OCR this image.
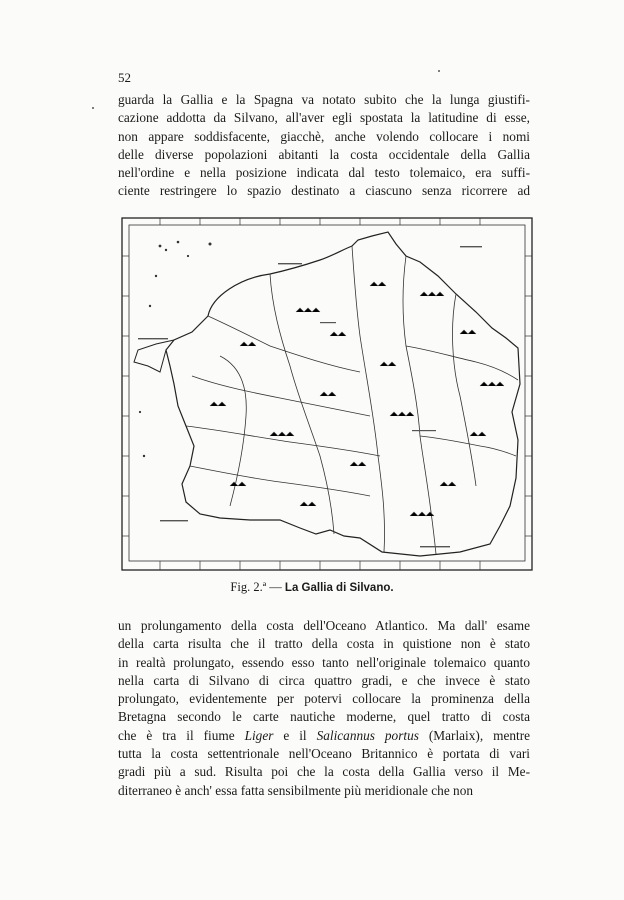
52
guarda la Gallia e la Spagna va notato subito che la lunga giustifi-
cazione addotta da Silvano, all'aver egli spostata la latitudine di esse,
non appare soddisfacente, giacchè, anche volendo collocare i nomi
delle diverse popolazioni abitanti la costa occidentale della Gallia
nell'ordine e nella posizione indicata dal testo tolemaico, era suffi-
ciente restringere lo spazio destinato a ciascuno senza ricorrere ad
Fig. 2.ª — La Gallia di Silvano.
un prolungamento della costa dell'Oceano Atlantico. Ma dall' esame
della carta risulta che il tratto della costa in quistione non è stato
in realtà prolungato, essendo esso tanto nell'originale tolemaico quanto
nella carta di Silvano di circa quattro gradi, e che invece è stato
prolungato, evidentemente per potervi collocare la prominenza della
Bretagna secondo le carte nautiche moderne, quel tratto di costa
che è tra il fiume Liger e il Salicannus portus (Marlaix), mentre
tutta la costa settentrionale nell'Oceano Britannico è portata di vari
gradi più a sud. Risulta poi che la costa della Gallia verso il Me-
diterraneo è anch' essa fatta sensibilmente più meridionale che non
